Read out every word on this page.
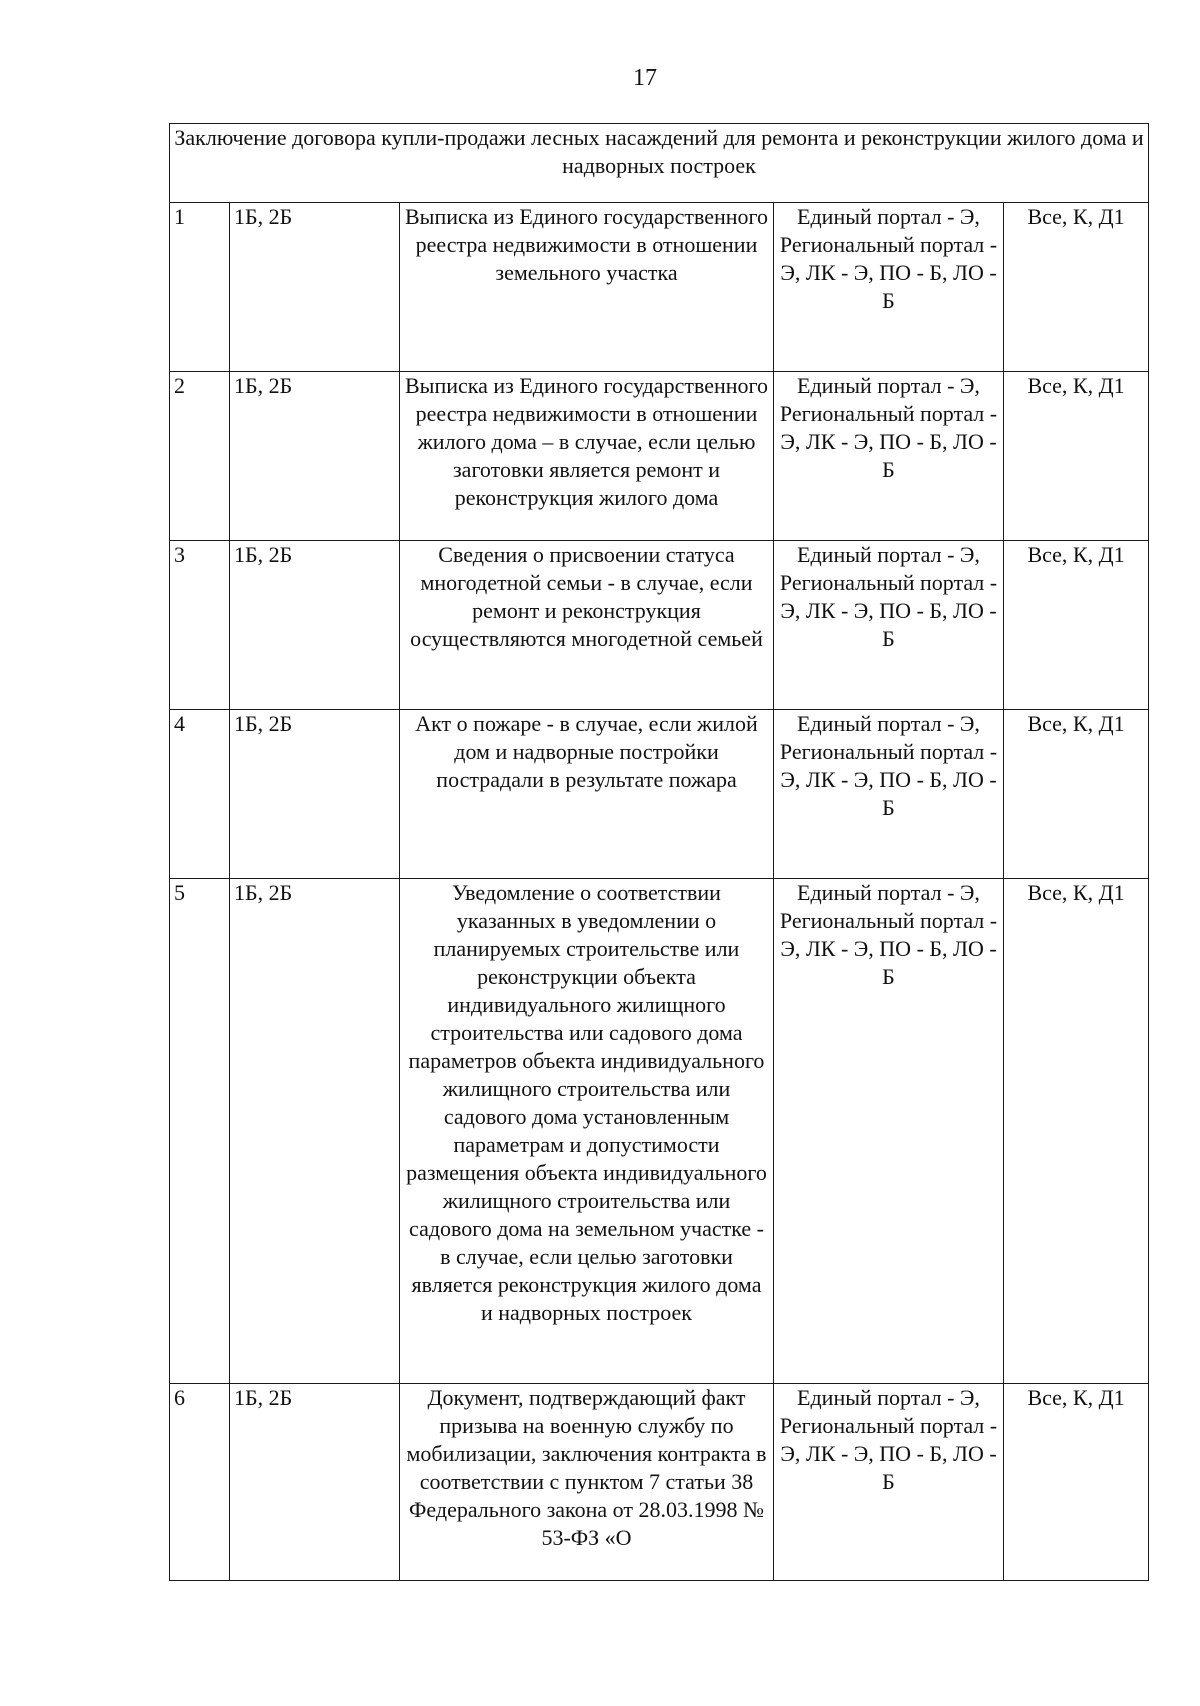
17
Заключение договора купли-продажи лесных насаждений для ремонта и реконструкции жилого дома и надворных построек				
1	1Б, 2Б	Выписка из Единого государственного реестра недвижимости в отношении земельного участка	Единый портал - Э, Региональный портал - Э, ЛК - Э, ПО - Б, ЛО - Б	Все, К, Д1
2	1Б, 2Б	Выписка из Единого государственного реестра недвижимости в отношении жилого дома – в случае, если целью заготовки является ремонт и реконструкция жилого дома	Единый портал - Э, Региональный портал - Э, ЛК - Э, ПО - Б, ЛО - Б	Все, К, Д1
3	1Б, 2Б	Сведения о присвоении статуса многодетной семьи - в случае, если ремонт и реконструкция осуществляются многодетной семьей	Единый портал - Э, Региональный портал - Э, ЛК - Э, ПО - Б, ЛО - Б	Все, К, Д1
4	1Б, 2Б	Акт о пожаре - в случае, если жилой дом и надворные постройки пострадали в результате пожара	Единый портал - Э, Региональный портал - Э, ЛК - Э, ПО - Б, ЛО - Б	Все, К, Д1
5	1Б, 2Б	Уведомление о соответствии указанных в уведомлении о планируемых строительстве или реконструкции объекта индивидуального жилищного строительства или садового дома параметров объекта индивидуального жилищного строительства или садового дома установленным параметрам и допустимости размещения объекта индивидуального жилищного строительства или садового дома на земельном участке - в случае, если целью заготовки является реконструкция жилого дома и надворных построек	Единый портал - Э, Региональный портал - Э, ЛК - Э, ПО - Б, ЛО - Б	Все, К, Д1
6	1Б, 2Б	Документ, подтверждающий факт призыва на военную службу по мобилизации, заключения контракта в соответствии с пунктом 7 статьи 38 Федерального закона от 28.03.1998 № 53-ФЗ «О	Единый портал - Э, Региональный портал - Э, ЛК - Э, ПО - Б, ЛО - Б	Все, К, Д1
